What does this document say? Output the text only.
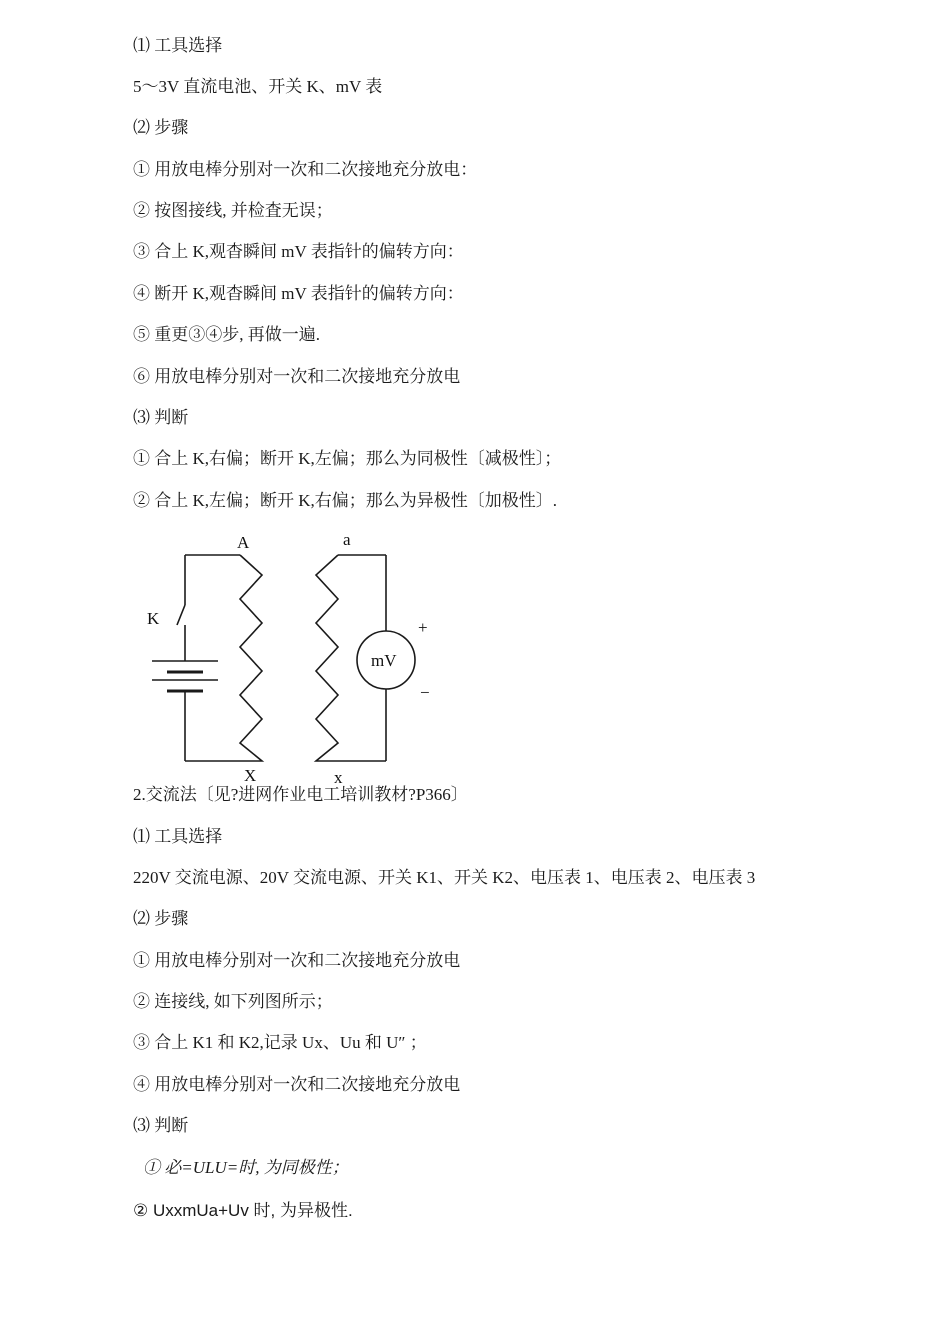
⑴ 工具选择
5〜3V 直流电池、开关 K、mV 表
⑵ 步骤
① 用放电棒分别对一次和二次接地充分放电：
② 按图接线, 并检査无误；
③ 合上 K,观杳瞬间 mV 表指针的偏转方向：
④ 断开 K,观杳瞬间 mV 表指针的偏转方向：
⑤ 重更③④步, 再做一遍.
⑥ 用放电棒分别对一次和二次接地充分放电
⑶ 判断
① 合上 K,右偏；断开 K,左偏；那么为同极性〔减极性〕；
② 合上 K,左偏；断开 K,右偏；那么为异极性〔加极性〕.
A	a
K
X	x
mV
+
−
2.交流法〔见?进网作业电工培训教材?P366〕
⑴ 工具选择
220V 交流电源、20V 交流电源、开关 K1、开关 K2、电压表 1、电压表 2、电压表 3
⑵ 步骤
① 用放电棒分别对一次和二次接地充分放电
② 连接线, 如下列图所示；
③ 合上 K1 和 K2,记录 Ux、Uu 和 U″ ；
④ 用放电棒分别对一次和二次接地充分放电
⑶ 判断
① 必=ULU=时, 为同极性；
② UxxmUa+Uv 时, 为异极性.
